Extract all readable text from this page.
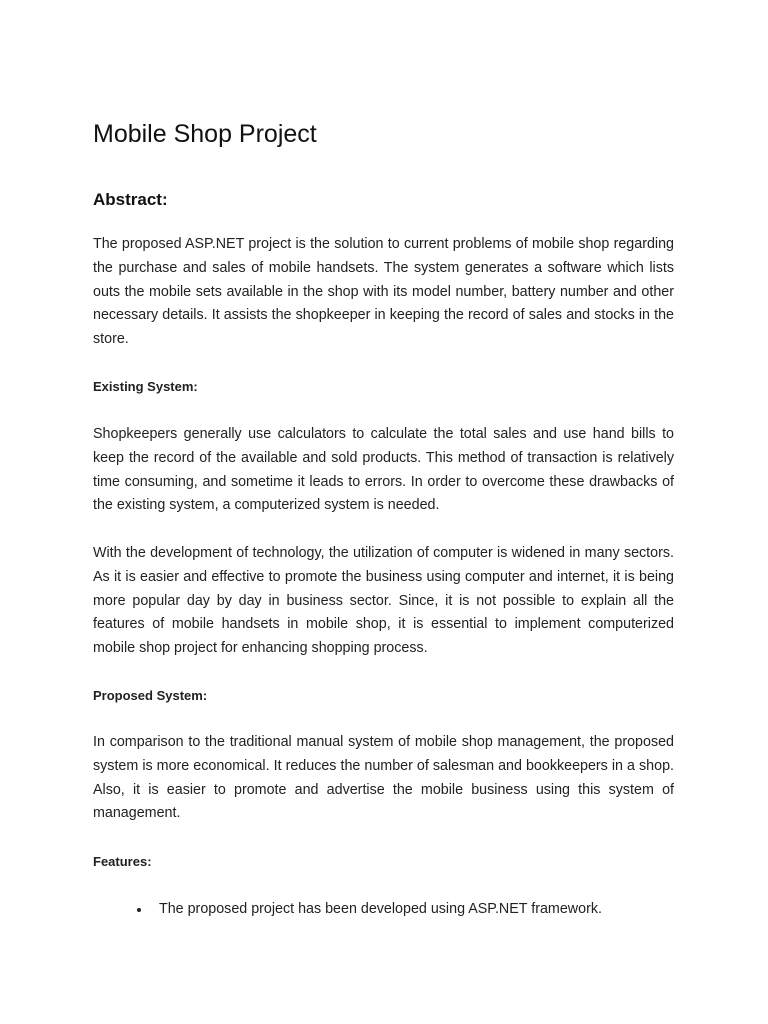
Mobile Shop Project
Abstract:

The proposed ASP.NET project is the solution to current problems of mobile shop regarding the purchase and sales of mobile handsets. The system generates a software which lists outs the mobile sets available in the shop with its model number, battery number and other necessary details. It assists the shopkeeper in keeping the record of sales and stocks in the store.

Existing System:

Shopkeepers generally use calculators to calculate the total sales and use hand bills to keep the record of the available and sold products. This method of transaction is relatively time consuming, and sometime it leads to errors. In order to overcome these drawbacks of the existing system, a computerized system is needed.

With the development of technology, the utilization of computer is widened in many sectors. As it is easier and effective to promote the business using computer and internet, it is being more popular day by day in business sector. Since, it is not possible to explain all the features of mobile handsets in mobile shop, it is essential to implement computerized mobile shop project for enhancing shopping process.

Proposed System:

In comparison to the traditional manual system of mobile shop management, the proposed system is more economical. It reduces the number of salesman and bookkeepers in a shop. Also, it is easier to promote and advertise the mobile business using this system of management.

Features:
The proposed project has been developed using ASP.NET framework.
